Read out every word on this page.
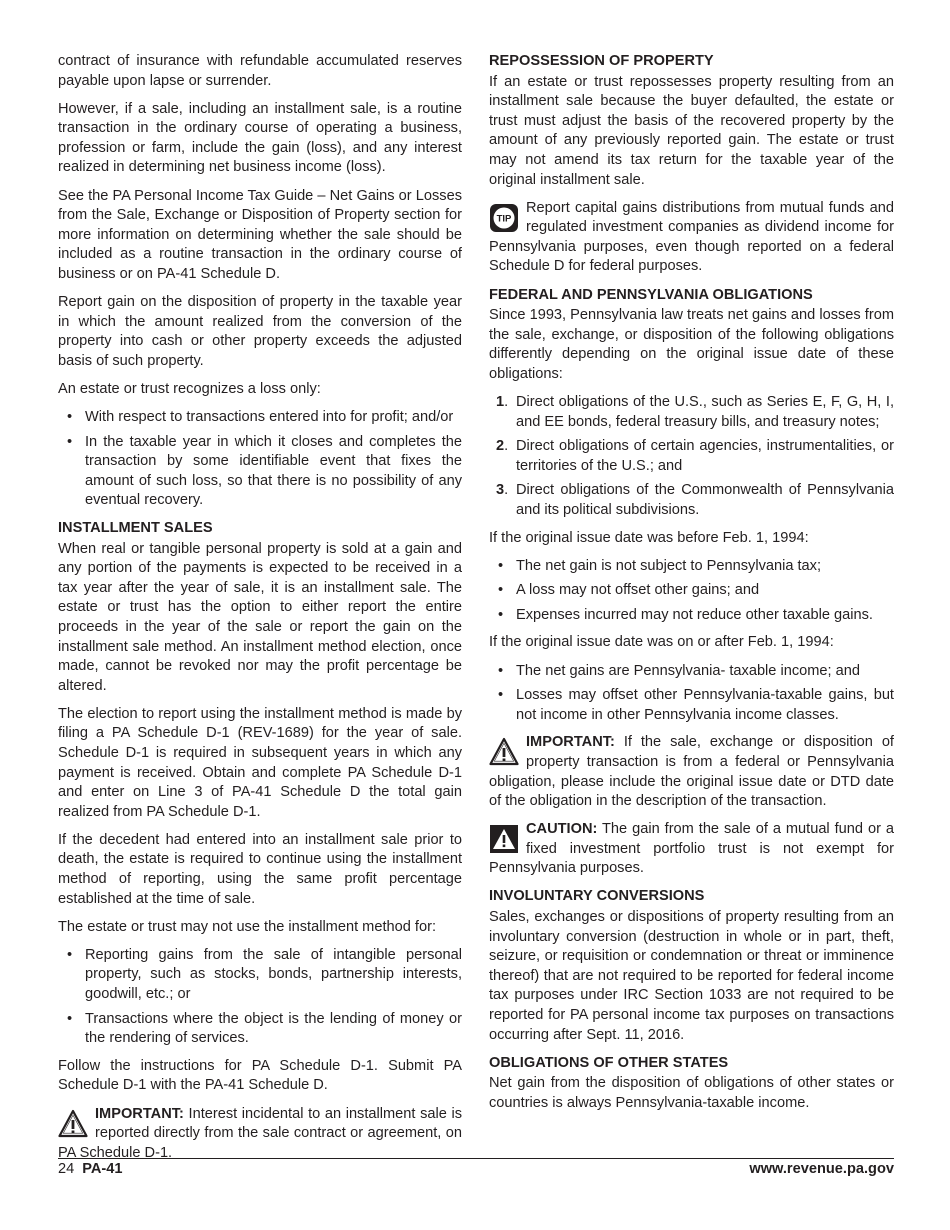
contract of insurance with refundable accumulated reserves payable upon lapse or surrender.

However, if a sale, including an installment sale, is a routine transaction in the ordinary course of operating a business, profession or farm, include the gain (loss), and any interest realized in determining net business income (loss).

See the PA Personal Income Tax Guide – Net Gains or Losses from the Sale, Exchange or Disposition of Property section for more information on determining whether the sale should be included as a routine transaction in the ordinary course of business or on PA-41 Schedule D.

Report gain on the disposition of property in the taxable year in which the amount realized from the conversion of the property into cash or other property exceeds the adjusted basis of such property.

An estate or trust recognizes a loss only:

• With respect to transactions entered into for profit; and/or
• In the taxable year in which it closes and completes the transaction by some identifiable event that fixes the amount of such loss, so that there is no possibility of any eventual recovery.
INSTALLMENT SALES

When real or tangible personal property is sold at a gain and any portion of the payments is expected to be received in a tax year after the year of sale, it is an installment sale. The estate or trust has the option to either report the entire proceeds in the year of the sale or report the gain on the installment sale method. An installment method election, once made, cannot be revoked nor may the profit percentage be altered.

The election to report using the installment method is made by filing a PA Schedule D-1 (REV-1689) for the year of sale. Schedule D-1 is required in subsequent years in which any payment is received. Obtain and complete PA Schedule D-1 and enter on Line 3 of PA-41 Schedule D the total gain realized from PA Schedule D-1.

If the decedent had entered into an installment sale prior to death, the estate is required to continue using the installment method of reporting, using the same profit percentage established at the time of sale.

The estate or trust may not use the installment method for:

• Reporting gains from the sale of intangible personal property, such as stocks, bonds, partnership interests, goodwill, etc.; or
• Transactions where the object is the lending of money or the rendering of services.

Follow the instructions for PA Schedule D-1. Submit PA Schedule D-1 with the PA-41 Schedule D.

IMPORTANT: Interest incidental to an installment sale is reported directly from the sale contract or agreement, on PA Schedule D-1.
REPOSSESSION OF PROPERTY

If an estate or trust repossesses property resulting from an installment sale because the buyer defaulted, the estate or trust must adjust the basis of the recovered property by the amount of any previously reported gain. The estate or trust may not amend its tax return for the taxable year of the original installment sale.

TIP
Report capital gains distributions from mutual funds and regulated investment companies as dividend income for Pennsylvania purposes, even though reported on a federal Schedule D for federal purposes.
FEDERAL AND PENNSYLVANIA OBLIGATIONS

Since 1993, Pennsylvania law treats net gains and losses from the sale, exchange, or disposition of the following obligations differently depending on the original issue date of these obligations:

1 . Direct obligations of the U.S., such as Series E, F, G, H, I, and EE bonds, federal treasury bills, and treasury notes;
2 . Direct obligations of certain agencies, instrumentalities, or territories of the U.S.; and
3 . Direct obligations of the Commonwealth of Pennsylvania and its political subdivisions.

If the original issue date was before Feb. 1, 1994:

• The net gain is not subject to Pennsylvania tax;
• A loss may not offset other gains; and
• Expenses incurred may not reduce other taxable gains.

If the original issue date was on or after Feb. 1, 1994:

• The net gains are Pennsylvania- taxable income; and
• Losses may offset other Pennsylvania-taxable gains, but not income in other Pennsylvania income classes.
IMPORTANT: If the sale, exchange or disposition of property transaction is from a federal or Pennsylvania obligation, please include the original issue date or DTD date of the obligation in the description of the transaction.
CAUTION: The gain from the sale of a mutual fund or a fixed investment portfolio trust is not exempt for Pennsylvania purposes.
INVOLUNTARY CONVERSIONS

Sales, exchanges or dispositions of property resulting from an involuntary conversion (destruction in whole or in part, theft, seizure, or requisition or condemnation or threat or imminence thereof) that are not required to be reported for federal income tax purposes under IRC Section 1033 are not required to be reported for PA personal income tax purposes on transactions occurring after Sept. 11, 2016.

OBLIGATIONS OF OTHER STATES

Net gain from the disposition of obligations of other states or countries is always Pennsylvania-taxable income.

24 PA-41	www.revenue.pa.gov
